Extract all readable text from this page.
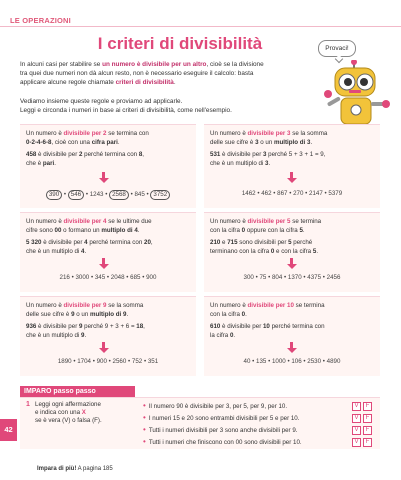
LE OPERAZIONI
I criteri di divisibilità	Provaci!
In alcuni casi per stabilire se un numero è divisibile per un altro, cioè se la divisione
tra quei due numeri non dà alcun resto, non è necessario eseguire il calcolo: basta
applicare alcune regole chiamate criteri di divisibilità.
Vediamo insieme queste regole e proviamo ad applicarle.
Leggi e circonda i numeri in base ai criteri di divisibilità, come nell'esempio.
Un numero è divisibile per 2 se termina con
0-2-4-6-8, cioè con una cifra pari.
458 è divisibile per 2 perché termina con 8,
che è pari.
390 • 546 • 1243 • 2568 • 845 • 3752
Un numero è divisibile per 3 se la somma
delle sue cifre è 3 o un multiplo di 3.
531 è divisibile per 3 perché 5 + 3 + 1 = 9,
che è un multiplo di 3.
1462 • 462 • 867 • 270 • 2147 • 5379
Un numero è divisibile per 4 se le ultime due
cifre sono 00 o formano un multiplo di 4.
5 320 è divisibile per 4 perché termina con 20,
che è un multiplo di 4.
216 • 3000 • 345 • 2048 • 685 • 900
Un numero è divisibile per 5 se termina
con la cifra 0 oppure con la cifra 5.
210 e 715 sono divisibili per 5 perché
terminano con la cifra 0 e con la cifra 5.
300 • 75 • 804 • 1370 • 4375 • 2456
Un numero è divisibile per 9 se la somma
delle sue cifre è 9 o un multiplo di 9.
936 è divisibile per 9 perché 9 + 3 + 6 = 18,
che è un multiplo di 9.
1890 • 1704 • 900 • 2560 • 752 • 351
Un numero è divisibile per 10 se termina
con la cifra 0.
610 è divisibile per 10 perché termina con
la cifra 0.
40 • 135 • 1000 • 106 • 2530 • 4890
IMPARO passo passo
1 Leggi ogni affermazione
e indica con una X
se è vera (V) o falsa (F).
• Il numero 90 è divisibile per 3, per 5, per 9, per 10.	V	F
• I numeri 15 e 20 sono entrambi divisibili per 5 e per 10.	V	F
• Tutti i numeri divisibili per 3 sono anche divisibili per 9.	V	F
• Tutti i numeri che finiscono con 00 sono divisibili per 10.	V	F
42
Impara di più! A pagina 185
